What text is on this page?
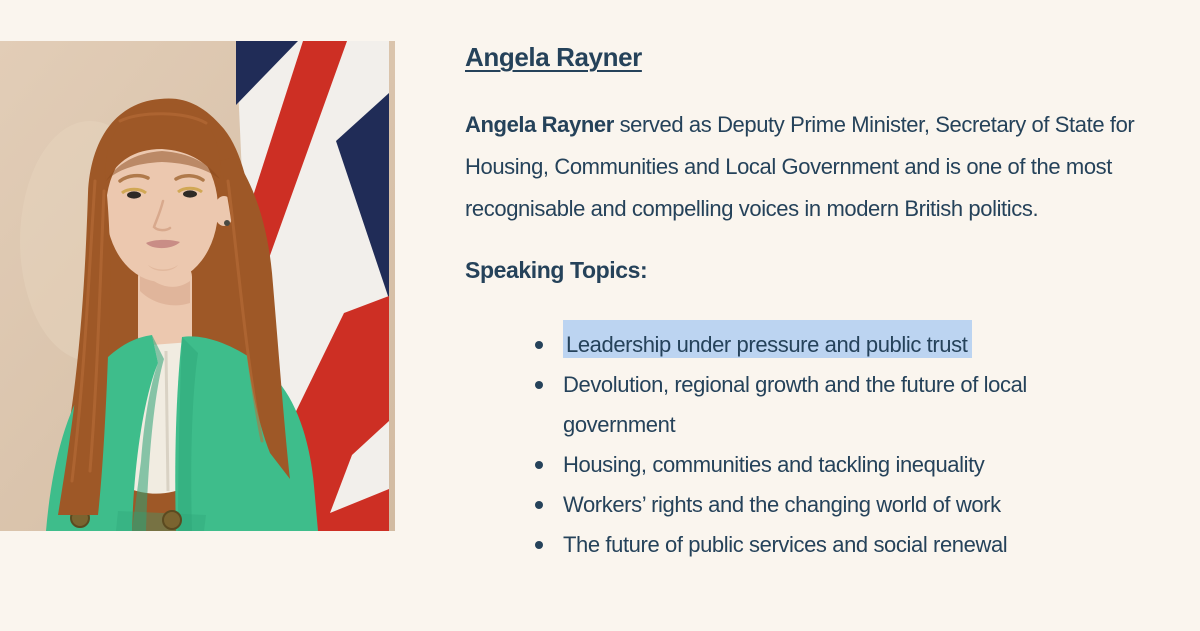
Angela Rayner

Angela Rayner served as Deputy Prime Minister, Secretary of State for
Housing, Communities and Local Government and is one of the most
recognisable and compelling voices in modern British politics.

Speaking Topics:
Leadership under pressure and public trust
Devolution, regional growth and the future of local
government
Housing, communities and tackling inequality
Workers’ rights and the changing world of work
The future of public services and social renewal
